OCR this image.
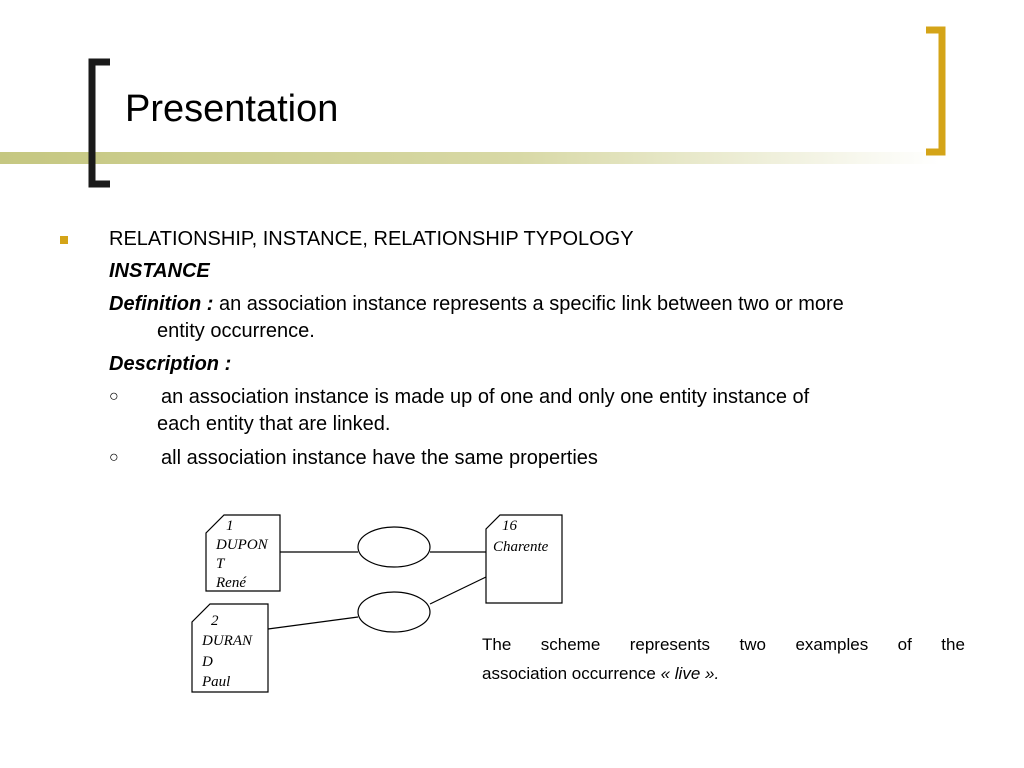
Presentation
RELATIONSHIP, INSTANCE, RELATIONSHIP TYPOLOGY
INSTANCE
Definition : an association instance represents a specific link between two or more
entity occurrence.
Description :
○ an association instance is made up of one and only one entity instance of
each entity that are linked.
○ all association instance have the same properties
1
DUPON
T
René
2
DURAN
D
Paul
16
Charente
The scheme represents two examples of the
association occurrence « live ».
